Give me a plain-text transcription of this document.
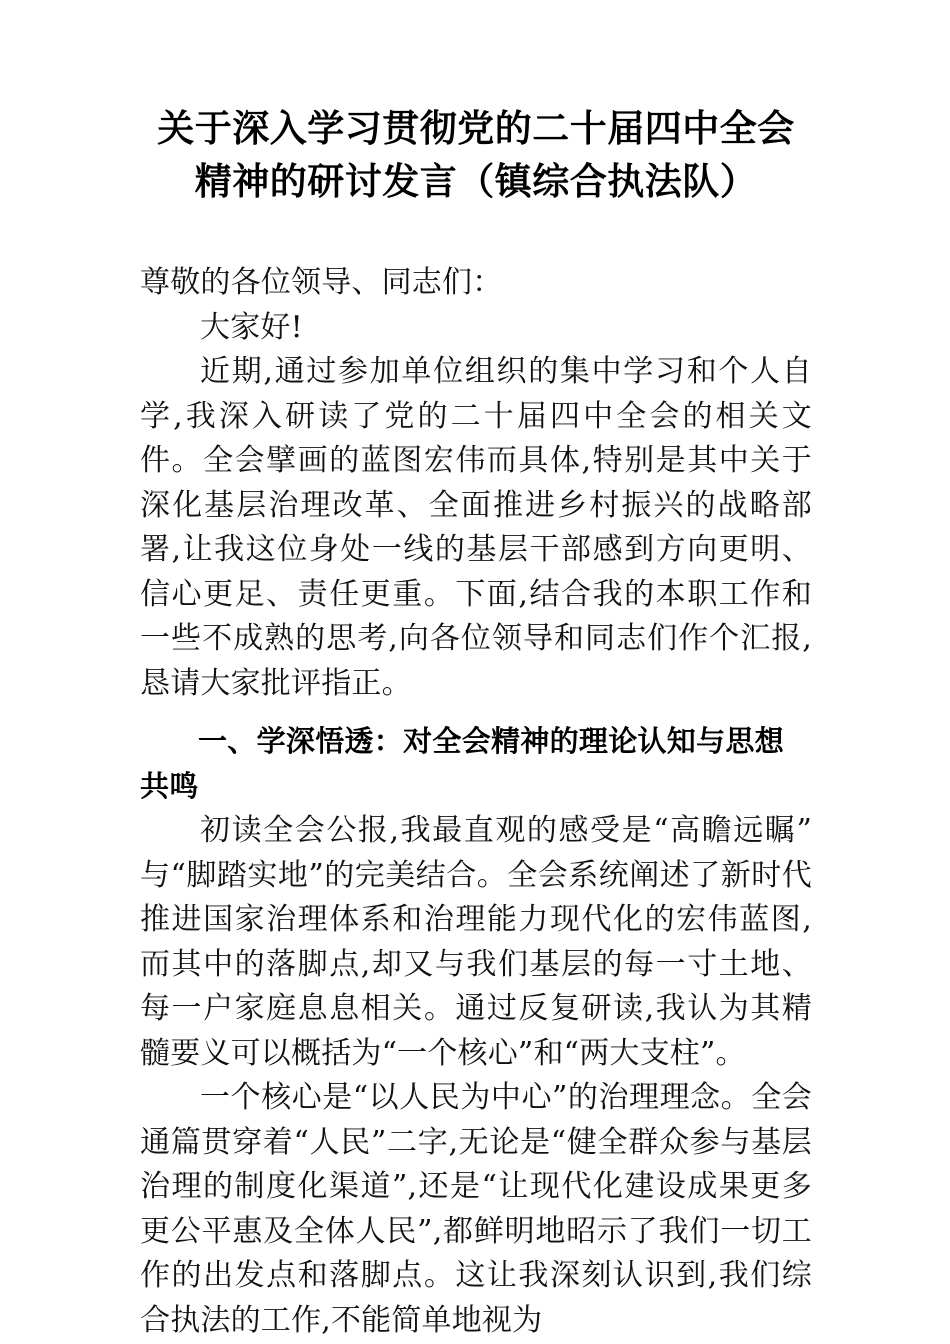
关于深入学习贯彻党的二十届四中全会精神的研讨发言（镇综合执法队）

尊敬的各位领导、同志们：

大家好!

近期,通过参加单位组织的集中学习和个人自学,我深入研读了党的二十届四中全会的相关文件。全会擘画的蓝图宏伟而具体,特别是其中关于深化基层治理改革、全面推进乡村振兴的战略部署,让我这位身处一线的基层干部感到方向更明、信心更足、责任更重。下面,结合我的本职工作和一些不成熟的思考,向各位领导和同志们作个汇报,恳请大家批评指正。

一、学深悟透：对全会精神的理论认知与思想共鸣

初读全会公报,我最直观的感受是“高瞻远瞩”与“脚踏实地”的完美结合。全会系统阐述了新时代推进国家治理体系和治理能力现代化的宏伟蓝图,而其中的落脚点,却又与我们基层的每一寸土地、每一户家庭息息相关。通过反复研读,我认为其精髓要义可以概括为“一个核心”和“两大支柱”。

一个核心是“以人民为中心”的治理理念。全会通篇贯穿着“人民”二字,无论是“健全群众参与基层治理的制度化渠道”,还是“让现代化建设成果更多更公平惠及全体人民”,都鲜明地昭示了我们一切工作的出发点和落脚点。这让我深刻认识到,我们综合执法的工作,不能简单地视为
